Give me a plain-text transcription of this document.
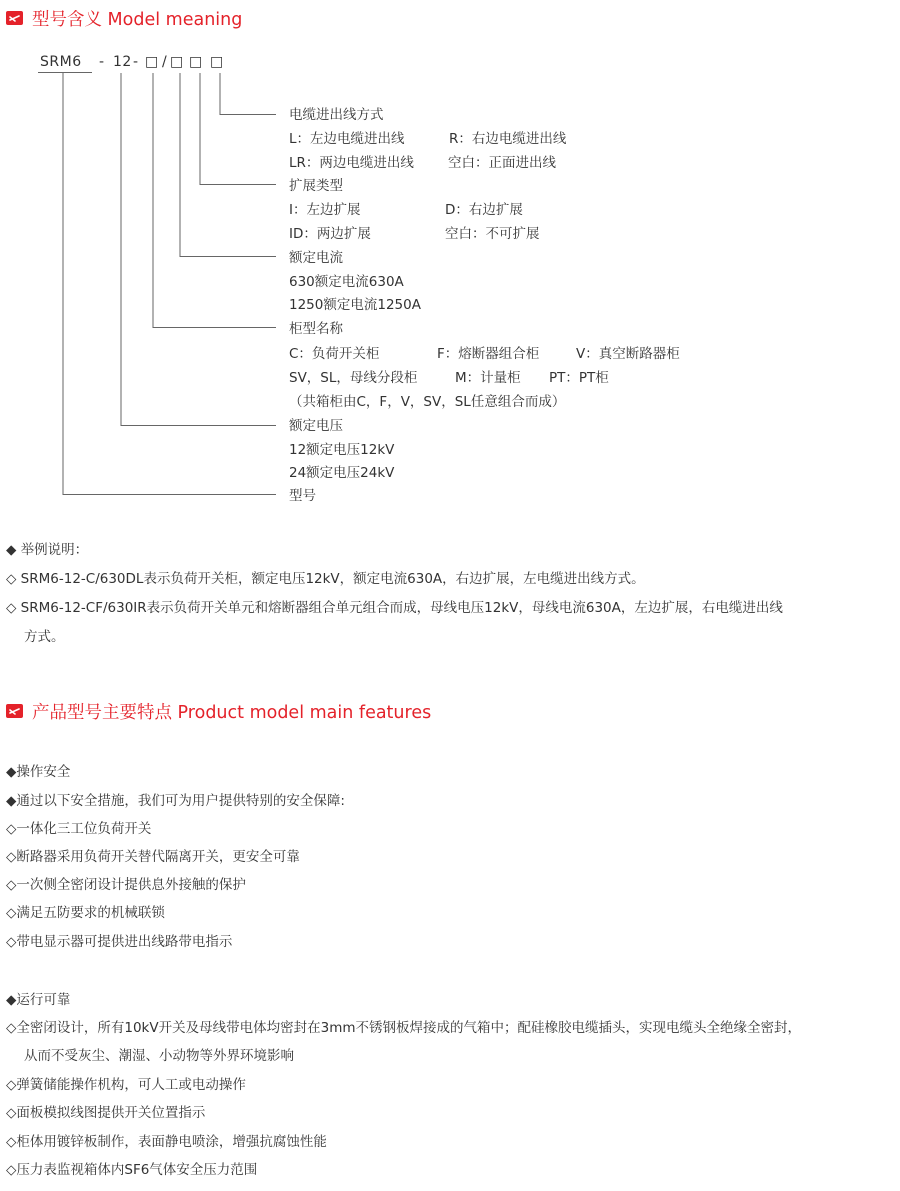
型号含义 Model meaning
SRM6 - 12 - □ / □ □ □
电缆进出线方式
L：左边电缆进出线	R：右边电缆进出线
LR：两边电缆进出线	空白：正面进出线
扩展类型
I：左边扩展	D：右边扩展
ID：两边扩展	空白：不可扩展
额定电流
630额定电流630A
1250额定电流1250A
柜型名称
C：负荷开关柜	F：熔断器组合柜	V：真空断路器柜
SV，SL，母线分段柜	M：计量柜 PT：PT柜
（共箱柜由C，F，V，SV，SL任意组合而成）
额定电压
12额定电压12kV
24额定电压24kV
型号
◆ 举例说明：
◇ SRM6-12-C/630DL表示负荷开关柜，额定电压12kV，额定电流630A，右边扩展，左电缆进出线方式。
◇ SRM6-12-CF/630IR表示负荷开关单元和熔断器组合单元组合而成，母线电压12kV，母线电流630A，左边扩展，右电缆进出线
方式。
产品型号主要特点 Product model main features
◆操作安全
◆通过以下安全措施，我们可为用户提供特别的安全保障:
◇一体化三工位负荷开关
◇断路器采用负荷开关替代隔离开关，更安全可靠
◇一次侧全密闭设计提供息外接触的保护
◇满足五防要求的机械联锁
◇带电显示器可提供进出线路带电指示
◆运行可靠
◇全密闭设计，所有10kV开关及母线带电体均密封在3mm不锈钢板焊接成的气箱中；配硅橡胶电缆插头，实现电缆头全绝缘全密封，
从而不受灰尘、潮湿、小动物等外界环境影响
◇弹簧储能操作机构，可人工或电动操作
◇面板模拟线图提供开关位置指示
◇柜体用镀锌板制作，表面静电喷涂，增强抗腐蚀性能
◇压力表监视箱体内SF6气体安全压力范围
